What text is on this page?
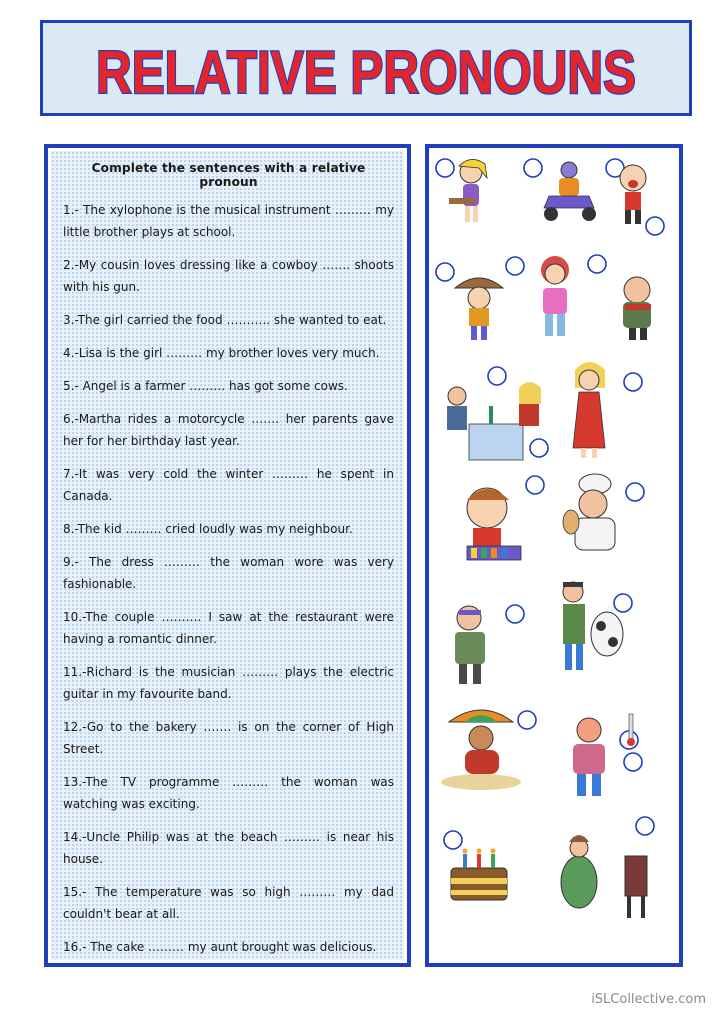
RELATIVE PRONOUNS
Complete the sentences with a relative pronoun

1.- The xylophone is the musical instrument ……… my little brother plays at school.

2.-My cousin loves dressing like a cowboy ……. shoots with his gun.

3.-The girl carried the food ……….. she wanted to eat.

4.-Lisa is the girl ……… my brother loves very much.

5.- Angel is a farmer ……… has got some cows.

6.-Martha rides a motorcycle ……. her parents gave her for her birthday last year.

7.-It was very cold the winter ……… he spent in Canada.

8.-The kid ……… cried loudly was my neighbour.

9.- The dress ……… the woman wore was very fashionable.

10.-The couple ………. I saw at the restaurant were having a romantic dinner.

11.-Richard is the musician ……… plays the electric guitar in my favourite band.

12.-Go to the bakery ……. is on the corner of High Street.

13.-The TV programme ……… the woman was watching was exciting.

14.-Uncle Philip was at the beach ……… is near his house.

15.- The temperature was so high ……… my dad couldn't bear at all.

16.- The cake ……… my aunt brought was delicious.

iSLCollective.com
